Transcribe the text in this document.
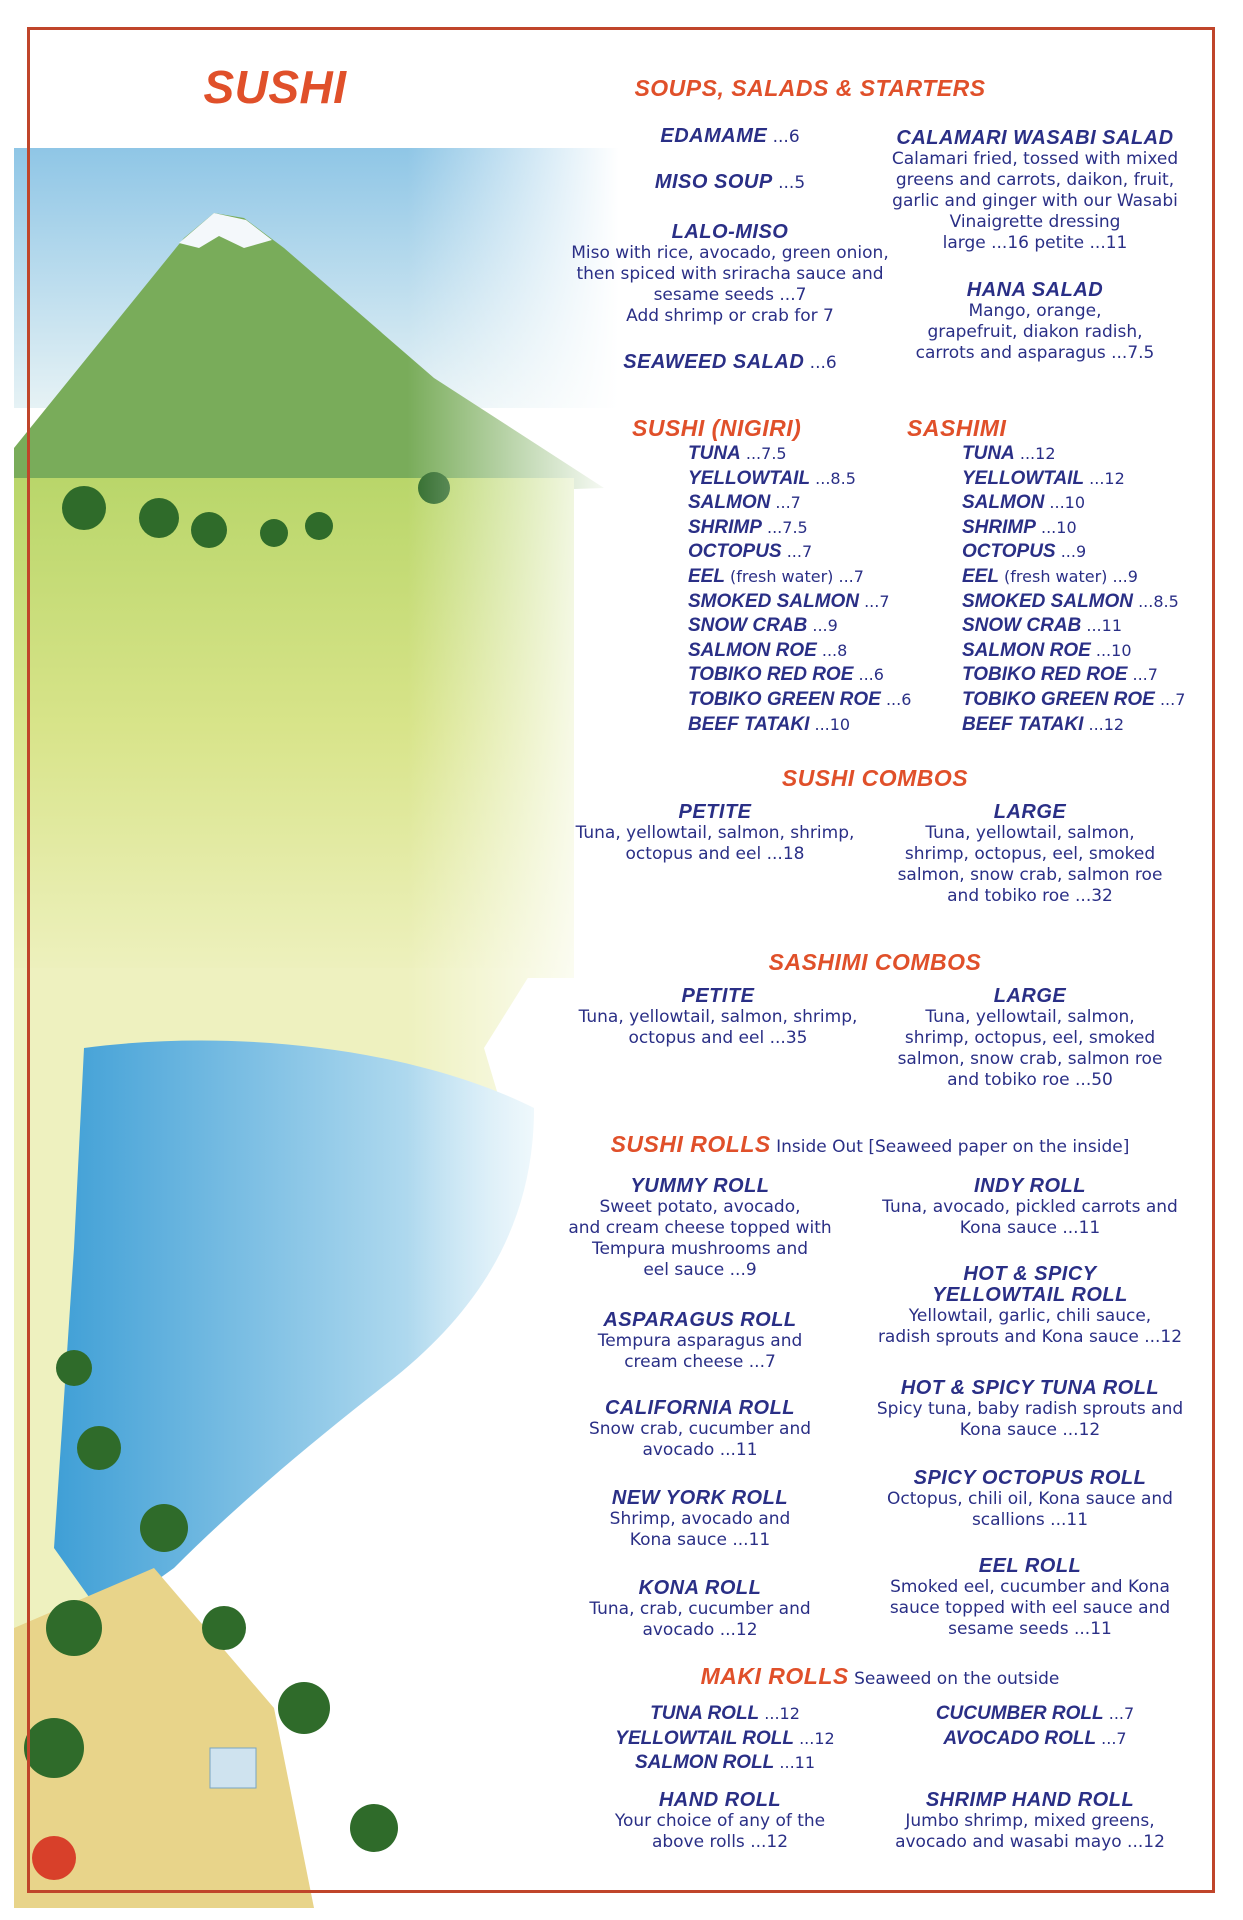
SUSHI	SOUPS, SALADS & STARTERS
EDAMAME ...6
MISO SOUP ...5
LALO-MISO
Miso with rice, avocado, green onion,
then spiced with sriracha sauce and
sesame seeds ...7
Add shrimp or crab for 7
SEAWEED SALAD ...6
CALAMARI WASABI SALAD
Calamari fried, tossed with mixed
greens and carrots, daikon, fruit,
garlic and ginger with our Wasabi
Vinaigrette dressing
large ...16 petite ...11
HANA SALAD
Mango, orange,
grapefruit, diakon radish,
carrots and asparagus ...7.5
SUSHI (NIGIRI)	SASHIMI
TUNA ...7.5
YELLOWTAIL ...8.5
SALMON ...7
SHRIMP ...7.5
OCTOPUS ...7
EEL (fresh water) ...7
SMOKED SALMON ...7
SNOW CRAB ...9
SALMON ROE ...8
TOBIKO RED ROE ...6
TOBIKO GREEN ROE ...6
BEEF TATAKI ...10
TUNA ...12
YELLOWTAIL ...12
SALMON ...10
SHRIMP ...10
OCTOPUS ...9
EEL (fresh water) ...9
SMOKED SALMON ...8.5
SNOW CRAB ...11
SALMON ROE ...10
TOBIKO RED ROE ...7
TOBIKO GREEN ROE ...7
BEEF TATAKI ...12
SUSHI COMBOS
PETITE
Tuna, yellowtail, salmon, shrimp,
octopus and eel ...18
LARGE
Tuna, yellowtail, salmon,
shrimp, octopus, eel, smoked
salmon, snow crab, salmon roe
and tobiko roe ...32
SASHIMI COMBOS
PETITE
Tuna, yellowtail, salmon, shrimp,
octopus and eel ...35
LARGE
Tuna, yellowtail, salmon,
shrimp, octopus, eel, smoked
salmon, snow crab, salmon roe
and tobiko roe ...50
SUSHI ROLLS Inside Out [Seaweed paper on the inside]
YUMMY ROLL
Sweet potato, avocado,
and cream cheese topped with
Tempura mushrooms and
eel sauce ...9
ASPARAGUS ROLL
Tempura asparagus and
cream cheese ...7
CALIFORNIA ROLL
Snow crab, cucumber and
avocado ...11
NEW YORK ROLL
Shrimp, avocado and
Kona sauce ...11
KONA ROLL
Tuna, crab, cucumber and
avocado ...12
INDY ROLL
Tuna, avocado, pickled carrots and
Kona sauce ...11
HOT & SPICY
YELLOWTAIL ROLL
Yellowtail, garlic, chili sauce,
radish sprouts and Kona sauce ...12
HOT & SPICY TUNA ROLL
Spicy tuna, baby radish sprouts and
Kona sauce ...12
SPICY OCTOPUS ROLL
Octopus, chili oil, Kona sauce and
scallions ...11
EEL ROLL
Smoked eel, cucumber and Kona
sauce topped with eel sauce and
sesame seeds ...11
MAKI ROLLS Seaweed on the outside
TUNA ROLL ...12
YELLOWTAIL ROLL ...12
SALMON ROLL ...11
CUCUMBER ROLL ...7
AVOCADO ROLL ...7
HAND ROLL
Your choice of any of the
above rolls ...12
SHRIMP HAND ROLL
Jumbo shrimp, mixed greens,
avocado and wasabi mayo ...12
